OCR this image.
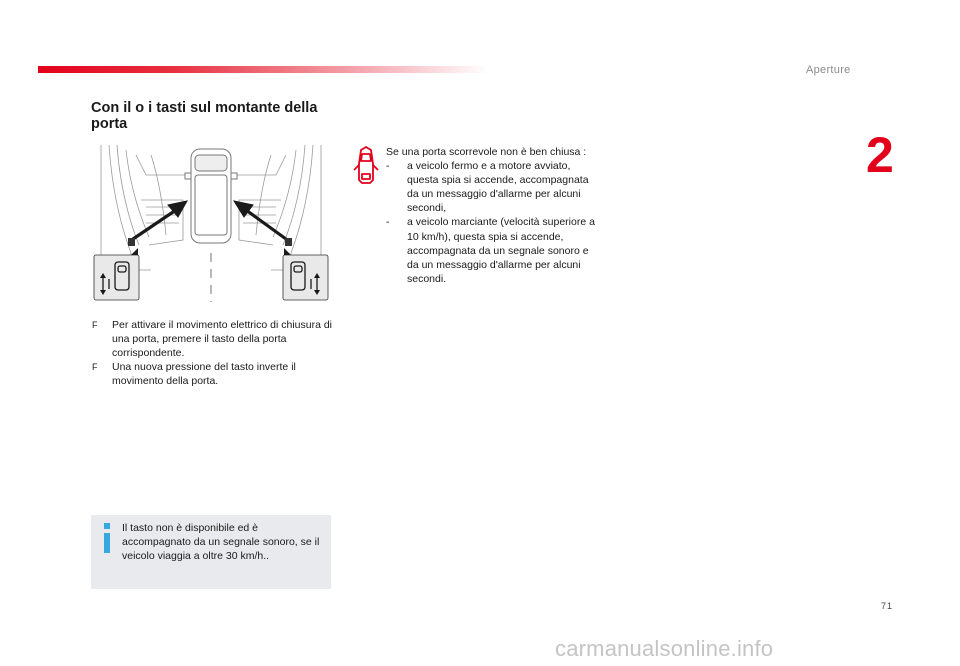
Aperture
2
Con il o i tasti sul montante della porta
F Per attivare il movimento elettrico di chiusura di una porta, premere il tasto della porta corrispondente.
F Una nuova pressione del tasto inverte il movimento della porta.
Se una porta scorrevole non è ben chiusa :
- a veicolo fermo e a motore avviato, questa spia si accende, accompagnata da un messaggio d'allarme per alcuni secondi,
- a veicolo marciante (velocità superiore a 10 km/h), questa spia si accende, accompagnata da un segnale sonoro e da un messaggio d'allarme per alcuni secondi.
Il tasto non è disponibile ed è accompagnato da un segnale sonoro, se il veicolo viaggia a oltre 30 km/h..
71
carmanualsonline.info
